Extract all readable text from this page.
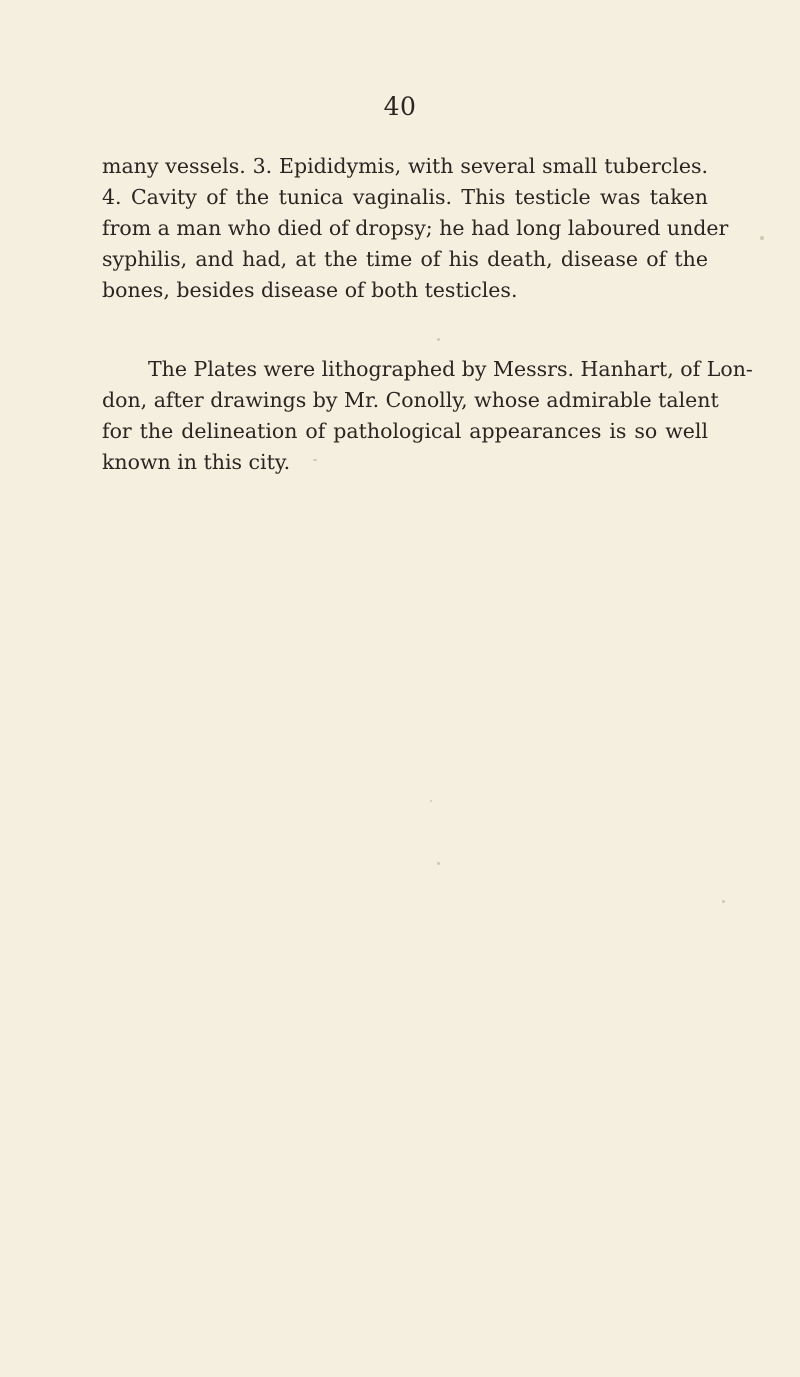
40
many vessels. 3. Epididymis, with several small tubercles.
4. Cavity of the tunica vaginalis. This testicle was taken
from a man who died of dropsy; he had long laboured under
syphilis, and had, at the time of his death, disease of the
bones, besides disease of both testicles.
The Plates were lithographed by Messrs. Hanhart, of Lon-
don, after drawings by Mr. Conolly, whose admirable talent
for the delineation of pathological appearances is so well
known in this city.
